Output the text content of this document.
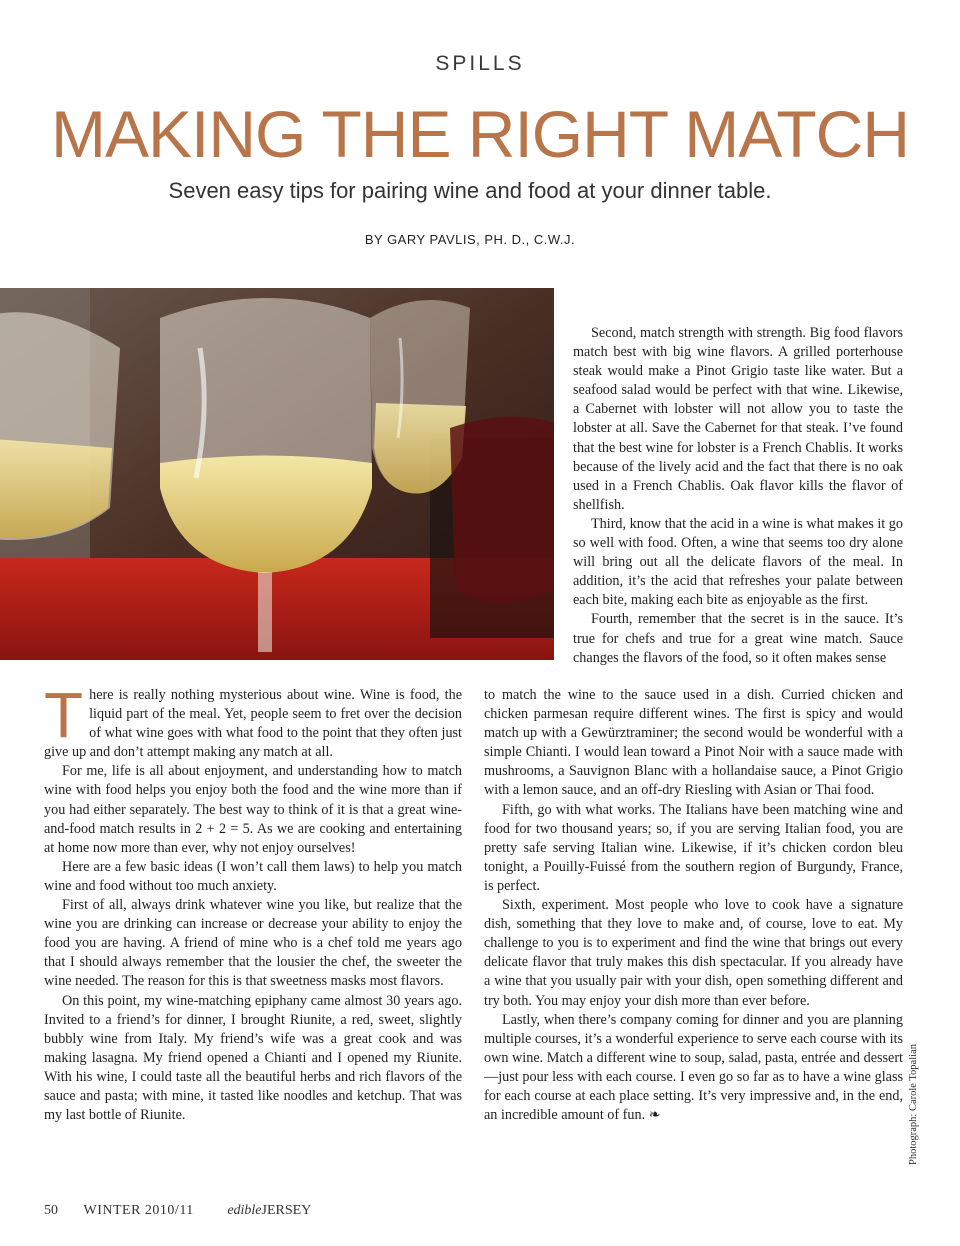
SPILLS
MAKING THE RIGHT MATCH
Seven easy tips for pairing wine and food at your dinner table.
BY GARY PAVLIS, PH. D., C.W.J.

Second, match strength with strength. Big food flavors match best with big wine flavors. A grilled porterhouse steak would make a Pinot Grigio taste like water. But a seafood salad would be perfect with that wine. Likewise, a Cabernet with lobster will not allow you to taste the lobster at all. Save the Cabernet for that steak. I’ve found that the best wine for lobster is a French Chablis. It works because of the lively acid and the fact that there is no oak used in a French Chablis. Oak flavor kills the flavor of shellfish.

Third, know that the acid in a wine is what makes it go so well with food. Often, a wine that seems too dry alone will bring out all the delicate flavors of the meal. In addition, it’s the acid that refreshes your palate between each bite, making each bite as enjoyable as the first.

Fourth, remember that the secret is in the sauce. It’s true for chefs and true for a great wine match. Sauce changes the flavors of the food, so it often makes sense

There is really nothing mysterious about wine. Wine is food, the liquid part of the meal. Yet, people seem to fret over the decision of what wine goes with what food to the point that they often just give up and don’t attempt making any match at all.

For me, life is all about enjoyment, and understanding how to match wine with food helps you enjoy both the food and the wine more than if you had either separately. The best way to think of it is that a great wine-and-food match results in 2 + 2 = 5. As we are cooking and entertaining at home now more than ever, why not enjoy ourselves!

Here are a few basic ideas (I won’t call them laws) to help you match wine and food without too much anxiety.

First of all, always drink whatever wine you like, but realize that the wine you are drinking can increase or decrease your ability to enjoy the food you are having. A friend of mine who is a chef told me years ago that I should always remember that the lousier the chef, the sweeter the wine needed. The reason for this is that sweetness masks most flavors.

On this point, my wine-matching epiphany came almost 30 years ago. Invited to a friend’s for dinner, I brought Riunite, a red, sweet, slightly bubbly wine from Italy. My friend’s wife was a great cook and was making lasagna. My friend opened a Chianti and I opened my Riunite. With his wine, I could taste all the beautiful herbs and rich flavors of the sauce and pasta; with mine, it tasted like noodles and ketchup. That was my last bottle of Riunite.

to match the wine to the sauce used in a dish. Curried chicken and chicken parmesan require different wines. The first is spicy and would match up with a Gewürztraminer; the second would be wonderful with a simple Chianti. I would lean toward a Pinot Noir with a sauce made with mushrooms, a Sauvignon Blanc with a hollandaise sauce, a Pinot Grigio with a lemon sauce, and an off-dry Riesling with Asian or Thai food.

Fifth, go with what works. The Italians have been matching wine and food for two thousand years; so, if you are serving Italian food, you are pretty safe serving Italian wine. Likewise, if it’s chicken cordon bleu tonight, a Pouilly-Fuissé from the southern region of Burgundy, France, is perfect.

Sixth, experiment. Most people who love to cook have a signature dish, something that they love to make and, of course, love to eat. My challenge to you is to experiment and find the wine that brings out every delicate flavor that truly makes this dish spectacular. If you already have a wine that you usually pair with your dish, open something different and try both. You may enjoy your dish more than ever before.

Lastly, when there’s company coming for dinner and you are planning multiple courses, it’s a wonderful experience to serve each course with its own wine. Match a different wine to soup, salad, pasta, entrée and dessert—just pour less with each course. I even go so far as to have a wine glass for each course at each place setting. It’s very impressive and, in the end, an incredible amount of fun. ❧	Photograph: Carole Topalian
50 WINTER 2010/11 edibleJERSEY
